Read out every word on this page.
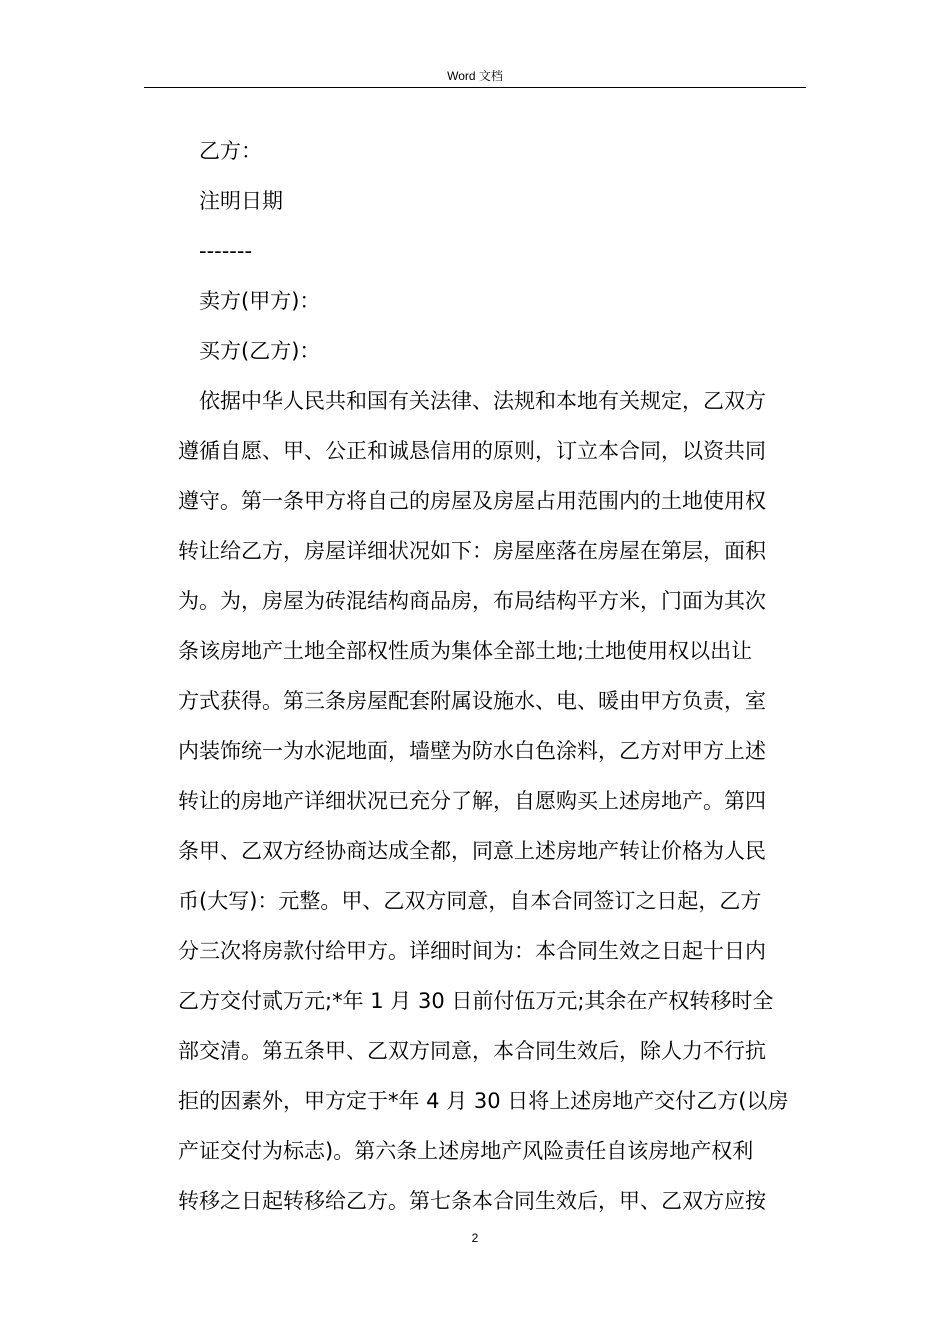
Word 文档
乙方：
注明日期
-------
卖方(甲方)：
买方(乙方)：
依据中华人民共和国有关法律、法规和本地有关规定，乙双方
遵循自愿、甲、公正和诚恳信用的原则，订立本合同，以资共同
遵守。第一条甲方将自己的房屋及房屋占用范围内的土地使用权
转让给乙方，房屋详细状况如下：房屋座落在房屋在第层，面积
为。为，房屋为砖混结构商品房，布局结构平方米，门面为其次
条该房地产土地全部权性质为集体全部土地;土地使用权以出让
方式获得。第三条房屋配套附属设施水、电、暖由甲方负责，室
内装饰统一为水泥地面，墙壁为防水白色涂料，乙方对甲方上述
转让的房地产详细状况已充分了解，自愿购买上述房地产。第四
条甲、乙双方经协商达成全都，同意上述房地产转让价格为人民
币(大写)：元整。甲、乙双方同意，自本合同签订之日起，乙方
分三次将房款付给甲方。详细时间为：本合同生效之日起十日内
乙方交付贰万元;*年 1 月 30 日前付伍万元;其余在产权转移时全
部交清。第五条甲、乙双方同意，本合同生效后，除人力不行抗
拒的因素外，甲方定于*年 4 月 30 日将上述房地产交付乙方(以房
产证交付为标志)。第六条上述房地产风险责任自该房地产权利
转移之日起转移给乙方。第七条本合同生效后，甲、乙双方应按
2
